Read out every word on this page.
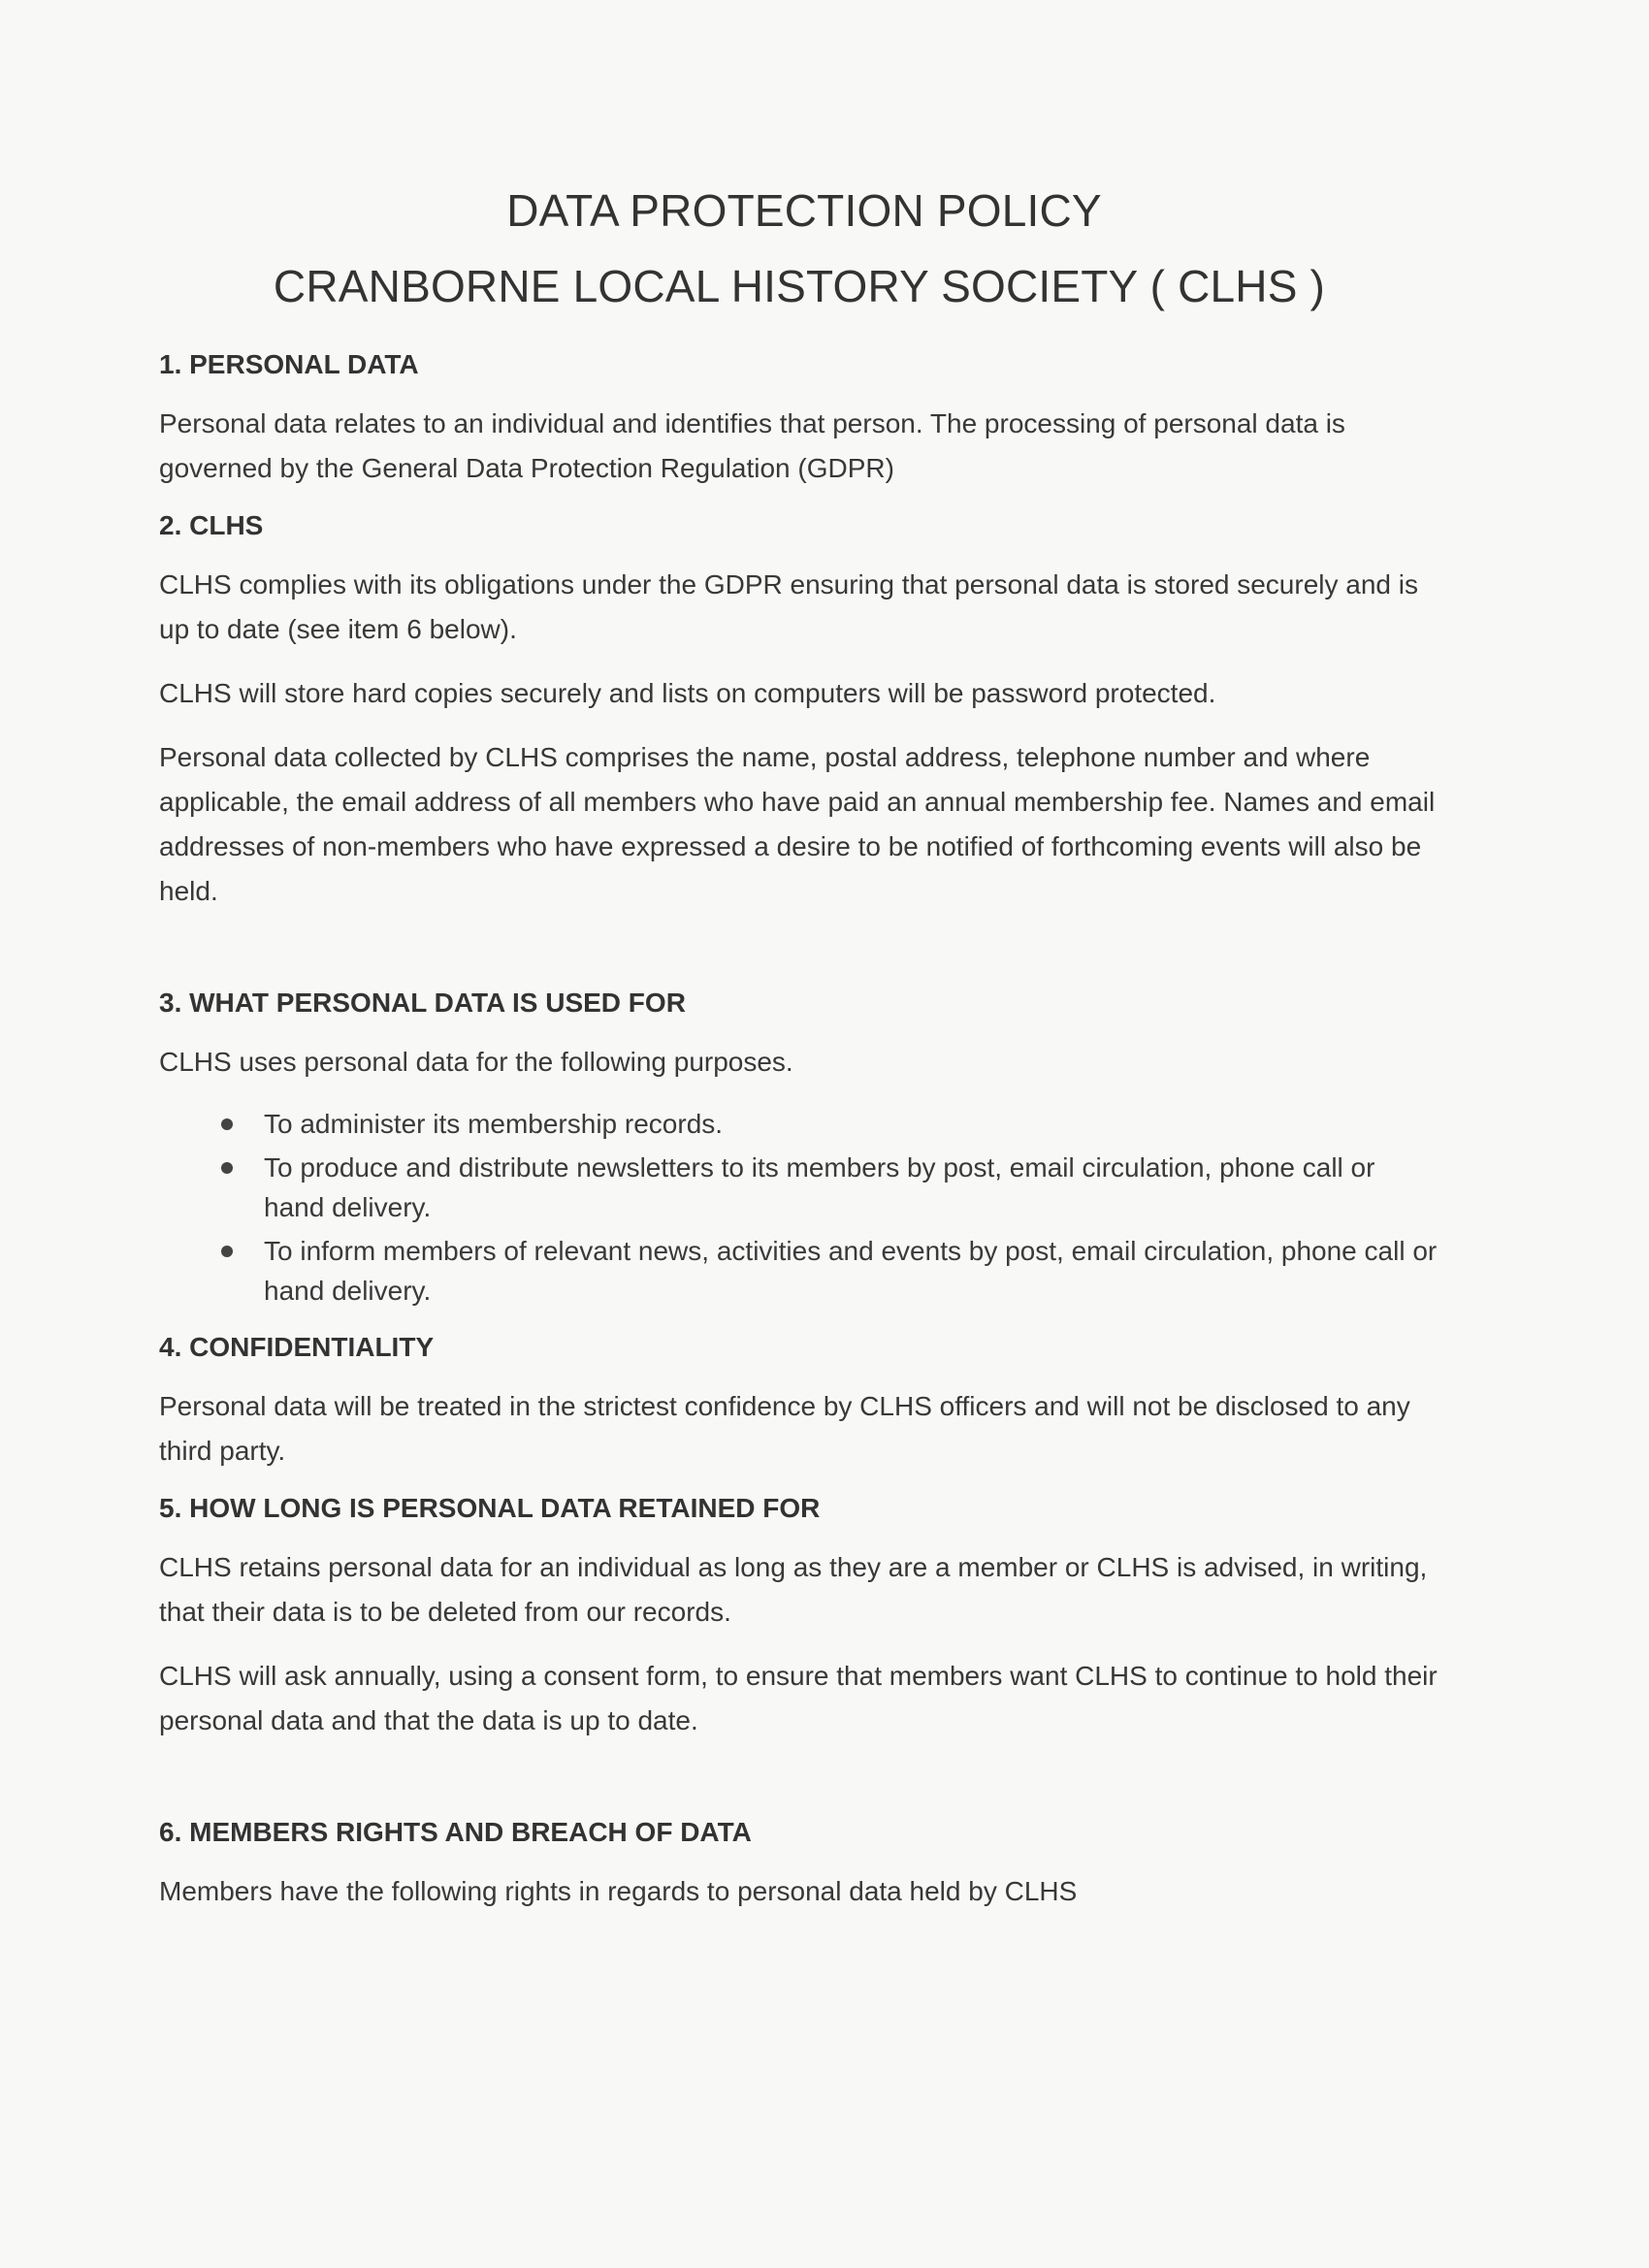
DATA PROTECTION POLICY
CRANBORNE LOCAL HISTORY SOCIETY ( CLHS )
1. PERSONAL DATA

Personal data relates to an individual and identifies that person. The processing of personal data is governed by the General Data Protection Regulation (GDPR)

2. CLHS

CLHS complies with its obligations under the GDPR ensuring that personal data is stored securely and is up to date (see item 6 below).

CLHS will store hard copies securely and lists on computers will be password protected.

Personal data collected by CLHS comprises the name, postal address, telephone number and where applicable, the email address of all members who have paid an annual membership fee. Names and email addresses of non-members who have expressed a desire to be notified of forthcoming events will also be held.

3. WHAT PERSONAL DATA IS USED FOR

CLHS uses personal data for the following purposes.

To administer its membership records.
To produce and distribute newsletters to its members by post, email circulation, phone call or hand delivery.
To inform members of relevant news, activities and events by post, email circulation, phone call or hand delivery.
4. CONFIDENTIALITY

Personal data will be treated in the strictest confidence by CLHS officers and will not be disclosed to any third party.

5. HOW LONG IS PERSONAL DATA RETAINED FOR

CLHS retains personal data for an individual as long as they are a member or CLHS is advised, in writing, that their data is to be deleted from our records.

CLHS will ask annually, using a consent form, to ensure that members want CLHS to continue to hold their personal data and that the data is up to date.

6. MEMBERS RIGHTS AND BREACH OF DATA

Members have the following rights in regards to personal data held by CLHS
